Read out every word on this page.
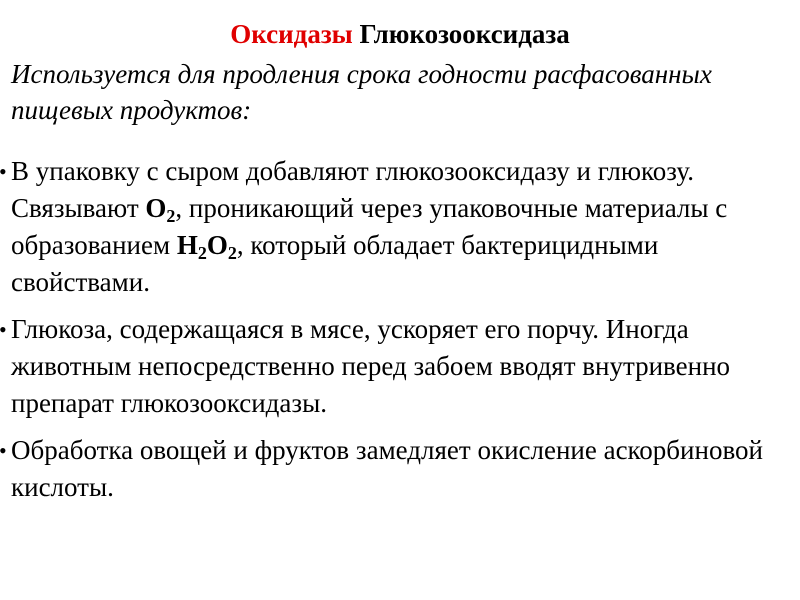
Оксидазы Глюкозооксидаза
Используется для продления срока годности расфасованных пищевых продуктов:
• В упаковку с сыром добавляют глюкозооксидазу и глюкозу. Связывают $O_2$, проникающий через упаковочные материалы с образованием $H_2O_2$, который обладает бактерицидными свойствами.
• Глюкоза, содержащаяся в мясе, ускоряет его порчу. Иногда животным непосредственно перед забоем вводят внутривенно препарат глюкозооксидазы.
• Обработка овощей и фруктов замедляет окисление аскорбиновой кислоты.
